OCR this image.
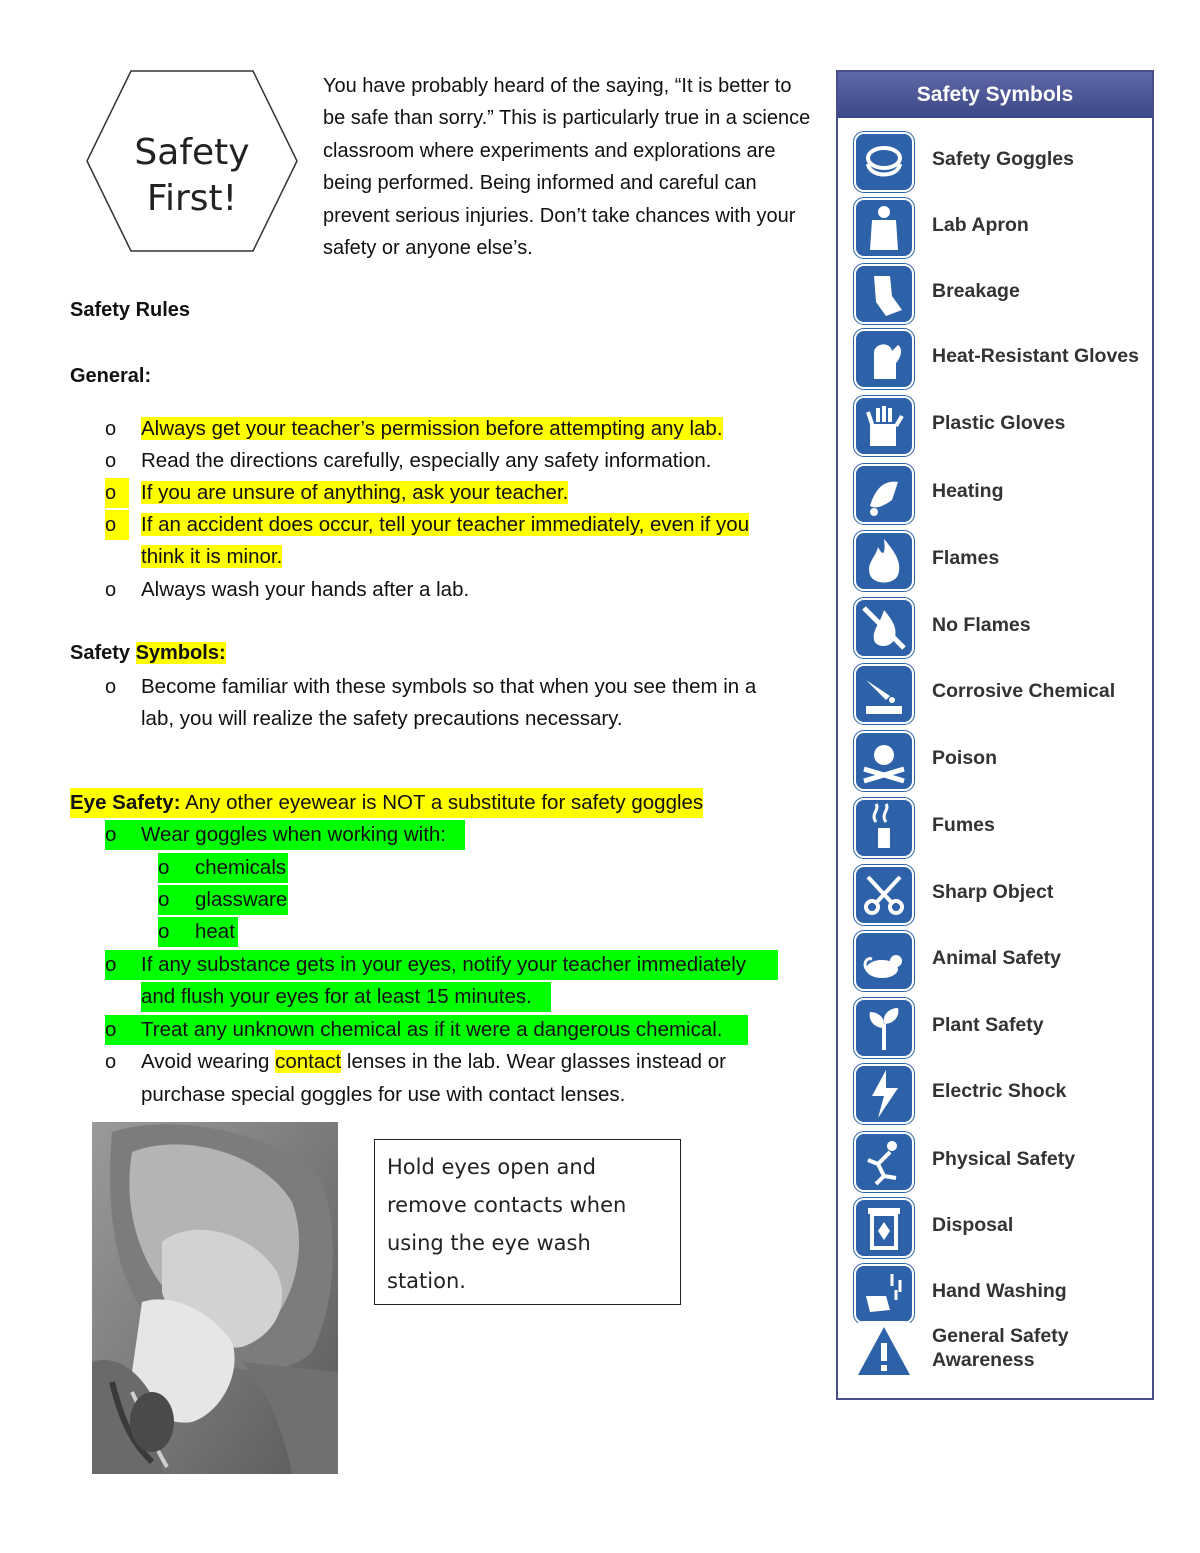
Safety
First!
You have probably heard of the saying, “It is better to be safe than sorry.” This is particularly true in a science classroom where experiments and explorations are being performed. Being informed and careful can prevent serious injuries. Don’t take chances with your safety or anyone else’s.
Safety Rules
General:
o	Always get your teacher’s permission before attempting any lab.
o	Read the directions carefully, especially any safety information.
o	If you are unsure of anything, ask your teacher.
o	If an accident does occur, tell your teacher immediately, even if you
think it is minor.
o	Always wash your hands after a lab.
Safety Symbols:
o	Become familiar with these symbols so that when you see them in a
lab, you will realize the safety precautions necessary.
Eye Safety: Any other eyewear is NOT a substitute for safety goggles
o Wear goggles when working with:
o chemicals
o glassware
o heat
o If any substance gets in your eyes, notify your teacher immediately
and flush your eyes for at least 15 minutes.
o Treat any unknown chemical as if it were a dangerous chemical.
o	Avoid wearing contact lenses in the lab. Wear glasses instead or
purchase special goggles for use with contact lenses.
Hold eyes open and remove contacts when using the eye wash station.
Safety Symbols
Safety Goggles
Lab Apron
Breakage
Heat-Resistant Gloves
Plastic Gloves
Heating
Flames
No Flames
Corrosive Chemical
Poison
Fumes
Sharp Object
Animal Safety
Plant Safety
Electric Shock
Physical Safety
Disposal
Hand Washing
General Safety Awareness
